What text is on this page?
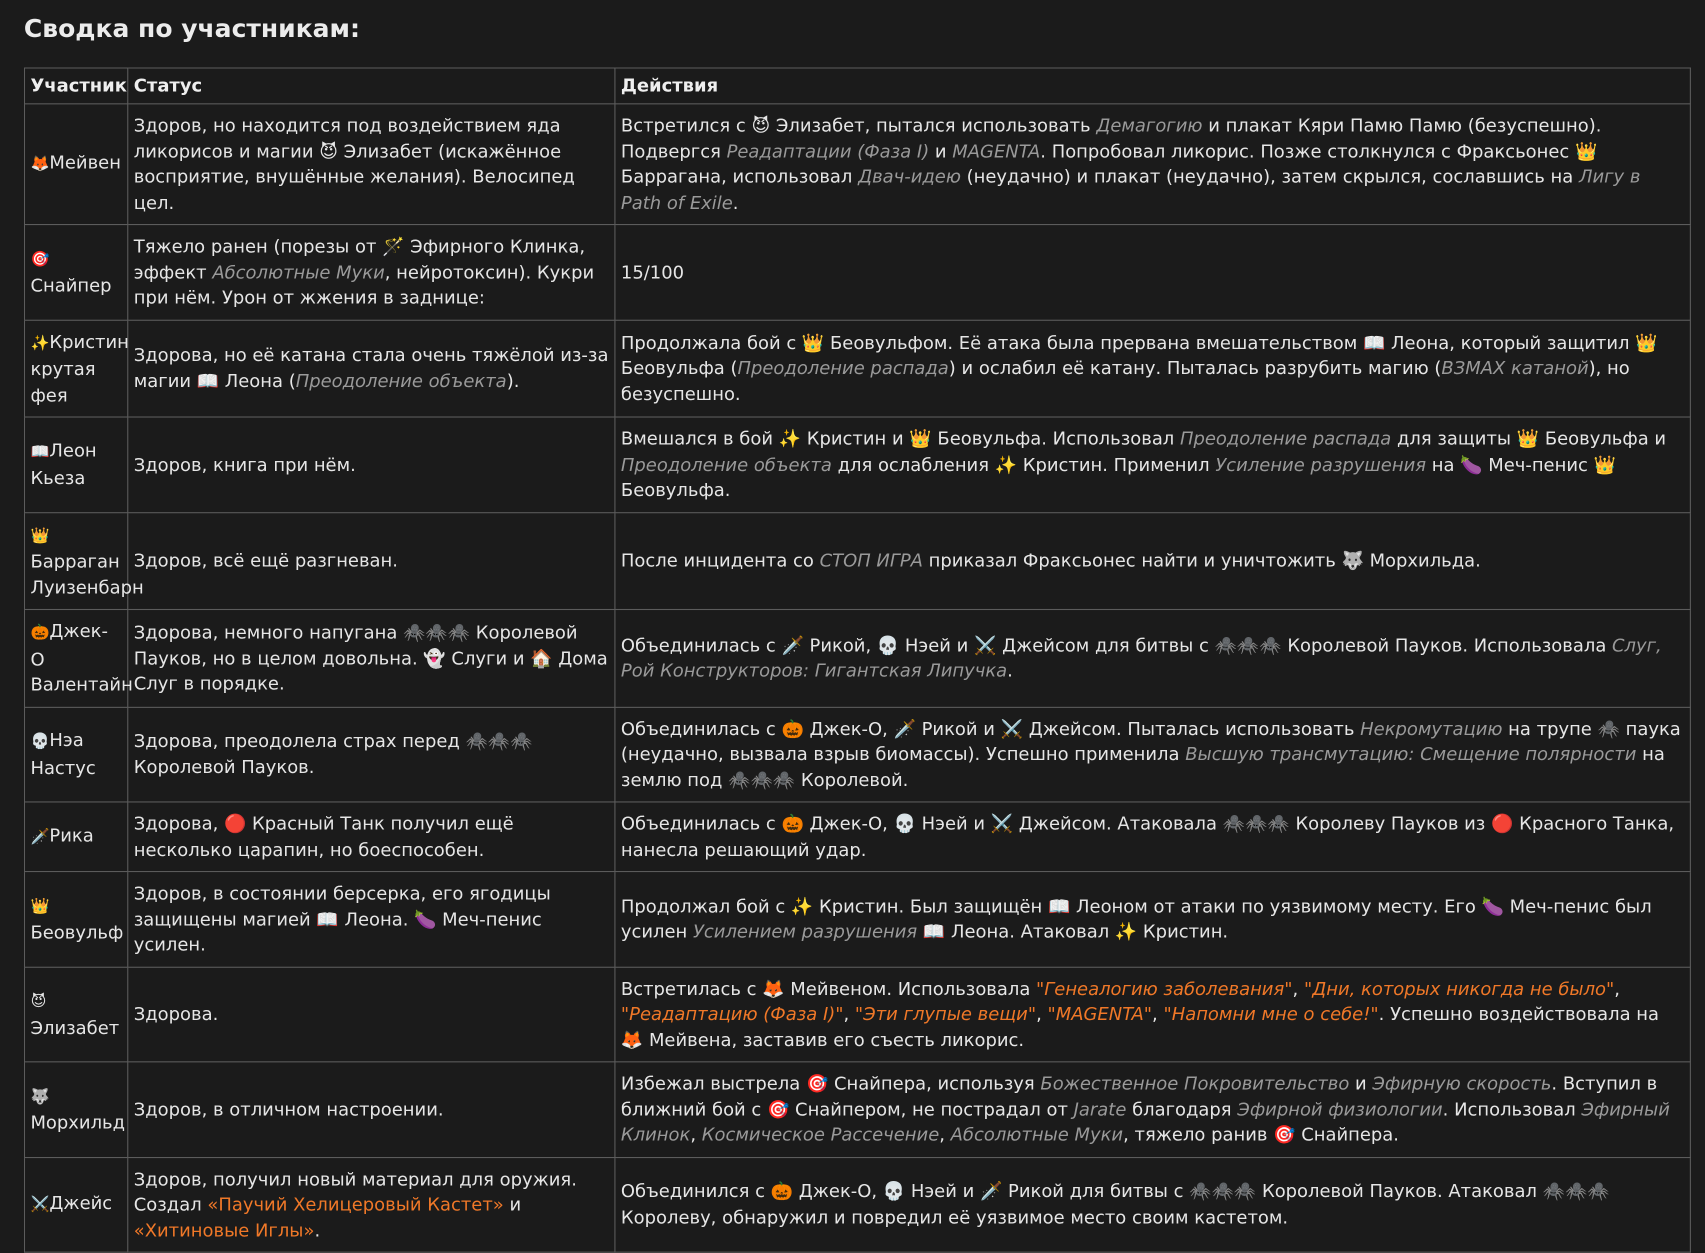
Сводка по участникам:
Участник	Статус	Действия
🦊Мейвен	Здоров, но находится под воздействием яда ликорисов и магии 😈 Элизабет (искажённое восприятие, внушённые желания). Велосипед цел.	Встретился с 😈 Элизабет, пытался использовать Демагогию и плакат Кяри Памю Памю (безуспешно). Подвергся Реадаптации (Фаза I) и MAGENTA. Попробовал ликорис. Позже столкнулся с Фраксьонес 👑 Баррагана, использовал Двач-идею (неудачно) и плакат (неудачно), затем скрылся, сославшись на Лигу в Path of Exile.
🎯Снайпер	Тяжело ранен (порезы от 🪄 Эфирного Клинка, эффект Абсолютные Муки, нейротоксин). Кукри при нём. Урон от жжения в заднице:	15/100
✨Кристин крутая фея	Здорова, но её катана стала очень тяжёлой из-за магии 📖 Леона (Преодоление объекта).	Продолжала бой с 👑 Беовульфом. Её атака была прервана вмешательством 📖 Леона, который защитил 👑 Беовульфа (Преодоление распада) и ослабил её катану. Пыталась разрубить магию (ВЗМАХ катаной), но безуспешно.
📖Леон Кьеза	Здоров, книга при нём.	Вмешался в бой ✨ Кристин и 👑 Беовульфа. Использовал Преодоление распада для защиты 👑 Беовульфа и Преодоление объекта для ослабления ✨ Кристин. Применил Усиление разрушения на 🍆 Меч-пенис 👑 Беовульфа.
👑Барраган Луизенбарн	Здоров, всё ещё разгневан.	После инцидента со СТОП ИГРА приказал Фраксьонес найти и уничтожить 🐺 Морхильда.
🎃Джек-О Валентайн	Здорова, немного напугана 🕷️🕷️🕷️ Королевой Пауков, но в целом довольна. 👻 Слуги и 🏠 Дома Слуг в порядке.	Объединилась с 🗡️ Рикой, 💀 Нэей и ⚔️ Джейсом для битвы с 🕷️🕷️🕷️ Королевой Пауков. Использовала Слуг, Рой Конструкторов: Гигантская Липучка.
💀Нэа Настус	Здорова, преодолела страх перед 🕷️🕷️🕷️ Королевой Пауков.	Объединилась с 🎃 Джек-О, 🗡️ Рикой и ⚔️ Джейсом. Пыталась использовать Некромутацию на трупе 🕷️ паука (неудачно, вызвала взрыв биомассы). Успешно применила Высшую трансмутацию: Смещение полярности на землю под 🕷️🕷️🕷️ Королевой.
🗡️Рика	Здорова, 🔴 Красный Танк получил ещё несколько царапин, но боеспособен.	Объединилась с 🎃 Джек-О, 💀 Нэей и ⚔️ Джейсом. Атаковала 🕷️🕷️🕷️ Королеву Пауков из 🔴 Красного Танка, нанесла решающий удар.
👑Беовульф	Здоров, в состоянии берсерка, его ягодицы защищены магией 📖 Леона. 🍆 Меч-пенис усилен.	Продолжал бой с ✨ Кристин. Был защищён 📖 Леоном от атаки по уязвимому месту. Его 🍆 Меч-пенис был усилен Усилением разрушения 📖 Леона. Атаковал ✨ Кристин.
😈Элизабет	Здорова.	Встретилась с 🦊 Мейвеном. Использовала "Генеалогию заболевания", "Дни, которых никогда не было", "Реадаптацию (Фаза I)", "Эти глупые вещи", "MAGENTA", "Напомни мне о себе!". Успешно воздействовала на 🦊 Мейвена, заставив его съесть ликорис.
🐺Морхильд	Здоров, в отличном настроении.	Избежал выстрела 🎯 Снайпера, используя Божественное Покровительство и Эфирную скорость. Вступил в ближний бой с 🎯 Снайпером, не пострадал от Jarate благодаря Эфирной физиологии. Использовал Эфирный Клинок, Космическое Рассечение, Абсолютные Муки, тяжело ранив 🎯 Снайпера.
⚔️Джейс	Здоров, получил новый материал для оружия. Создал «Паучий Хелицеровый Кастет» и «Хитиновые Иглы».	Объединился с 🎃 Джек-О, 💀 Нэей и 🗡️ Рикой для битвы с 🕷️🕷️🕷️ Королевой Пауков. Атаковал 🕷️🕷️🕷️ Королеву, обнаружил и повредил её уязвимое место своим кастетом.
